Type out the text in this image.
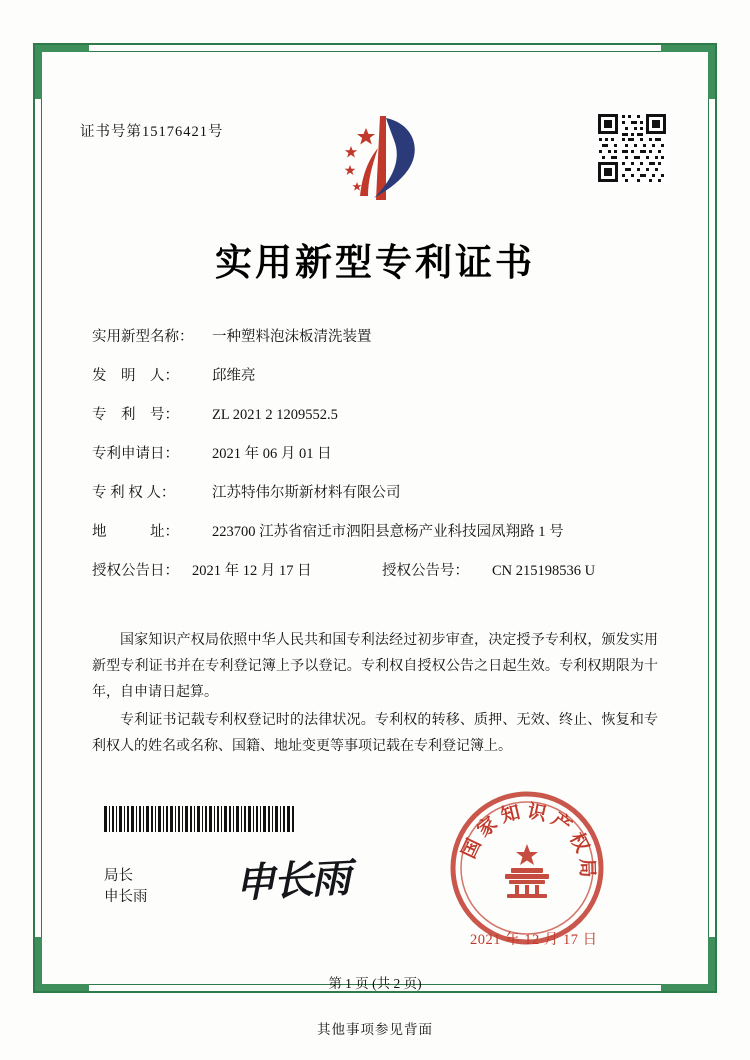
证书号第15176421号
实用新型专利证书
实用新型名称：	一种塑料泡沫板清洗装置
发　明　人：	邱维亮
专　利　号：	ZL 2021 2 1209552.5
专利申请日：	2021 年 06 月 01 日
专 利 权 人：	江苏特伟尔斯新材料有限公司
地　　　址：	223700 江苏省宿迁市泗阳县意杨产业科技园凤翔路 1 号
授权公告日： 2021 年 12 月 17 日	授权公告号：	CN 215198536 U

国家知识产权局依照中华人民共和国专利法经过初步审查，决定授予专利权，颁发实用新型专利证书并在专利登记簿上予以登记。专利权自授权公告之日起生效。专利权期限为十年，自申请日起算。

专利证书记载专利权登记时的法律状况。专利权的转移、质押、无效、终止、恢复和专利权人的姓名或名称、国籍、地址变更等事项记载在专利登记簿上。

局长
申长雨 申长雨
国家知识产权局
2021 年 12 月 17 日
第 1 页 (共 2 页)
其他事项参见背面
